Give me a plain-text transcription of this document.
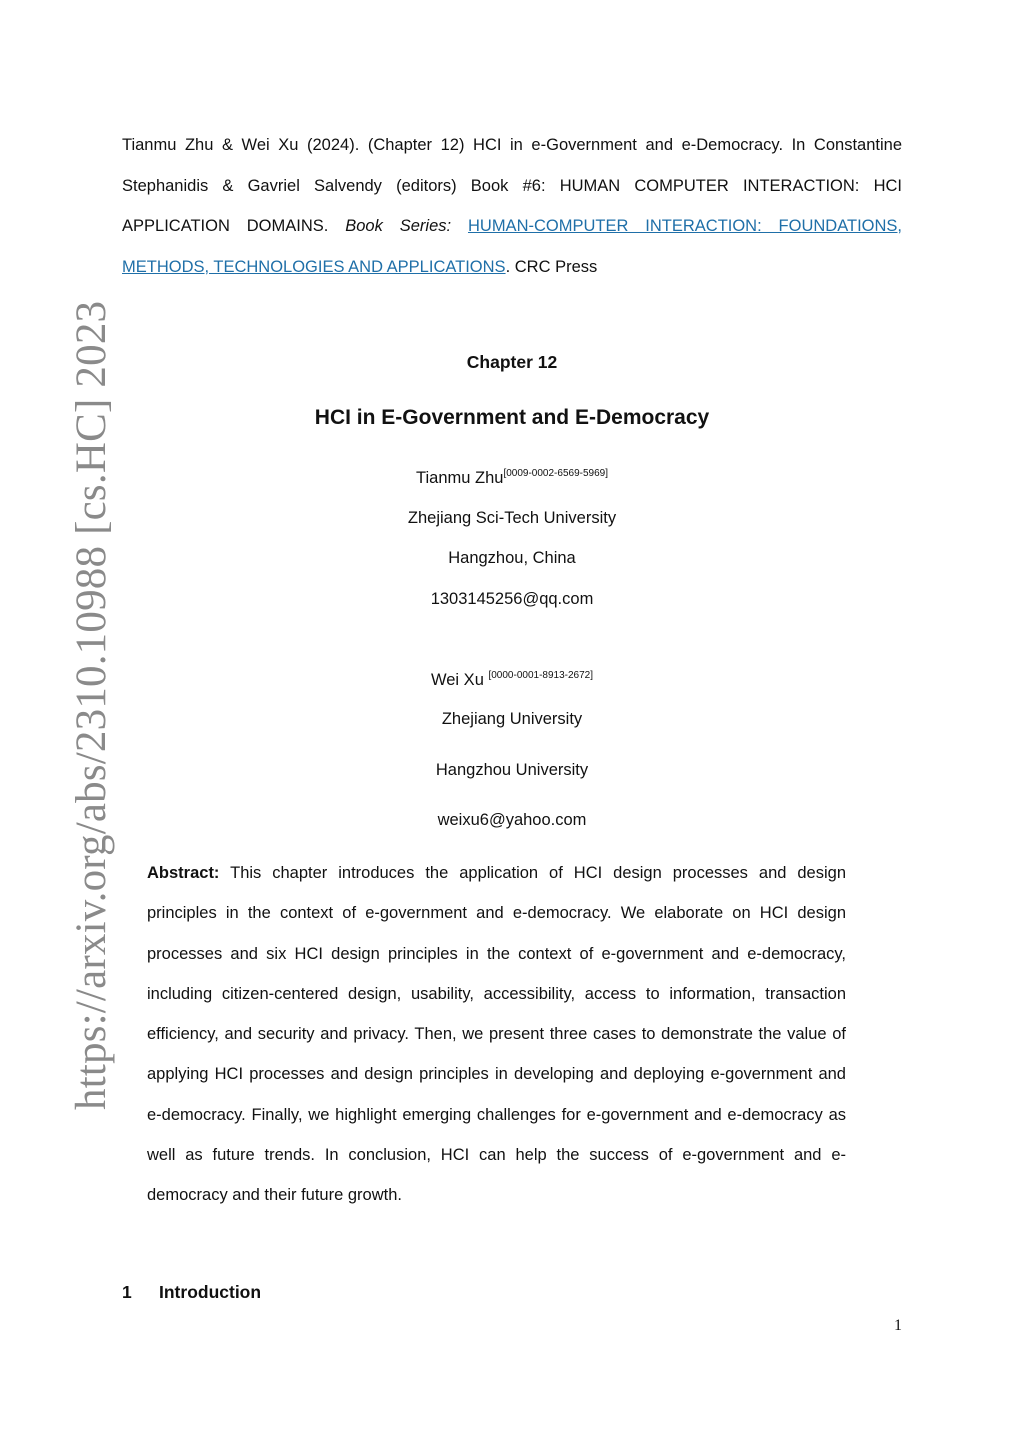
https://arxiv.org/abs/2310.10988 [cs.HC] 2023
Tianmu Zhu & Wei Xu (2024). (Chapter 12) HCI in e-Government and e-Democracy. In Constantine Stephanidis & Gavriel Salvendy (editors) Book #6: HUMAN COMPUTER INTERACTION: HCI APPLICATION DOMAINS. Book Series: HUMAN-COMPUTER INTERACTION: FOUNDATIONS, METHODS, TECHNOLOGIES AND APPLICATIONS. CRC Press
Chapter 12
HCI in E-Government and E-Democracy
Tianmu Zhu[0009-0002-6569-5969]
Zhejiang Sci-Tech University
Hangzhou, China
1303145256@qq.com
Wei Xu [0000-0001-8913-2672]
Zhejiang University
Hangzhou University
weixu6@yahoo.com
Abstract: This chapter introduces the application of HCI design processes and design principles in the context of e-government and e-democracy. We elaborate on HCI design processes and six HCI design principles in the context of e-government and e-democracy, including citizen-centered design, usability, accessibility, access to information, transaction efficiency, and security and privacy. Then, we present three cases to demonstrate the value of applying HCI processes and design principles in developing and deploying e-government and e-democracy. Finally, we highlight emerging challenges for e-government and e-democracy as well as future trends. In conclusion, HCI can help the success of e-government and e-democracy and their future growth.
1 Introduction
1
